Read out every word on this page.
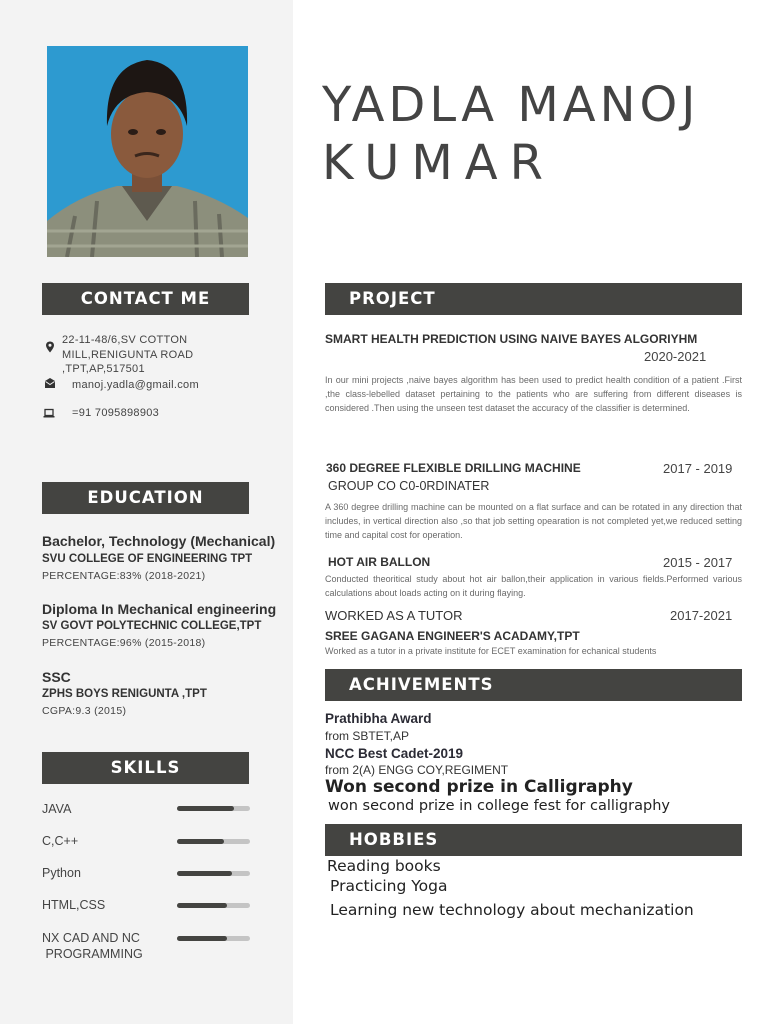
YADLA MANOJ
KUMAR
CONTACT ME
22-11-48/6,SV COTTON MILL,RENIGUNTA ROAD ,TPT,AP,517501
manoj.yadla@gmail.com
=91 7095898903
EDUCATION
Bachelor, Technology (Mechanical)
SVU COLLEGE OF ENGINEERING TPT
PERCENTAGE:83% (2018-2021)
Diploma In Mechanical engineering
SV GOVT POLYTECHNIC COLLEGE,TPT
PERCENTAGE:96% (2015-2018)
SSC
ZPHS BOYS RENIGUNTA ,TPT
CGPA:9.3 (2015)
SKILLS
JAVA
C,C++
Python
HTML,CSS
NX CAD AND NC
PROGRAMMING
PROJECT
SMART HEALTH PREDICTION USING NAIVE BAYES ALGORIYHM
2020-2021
In our mini projects ,naive bayes algorithm has been used to predict health condition of a patient .First ,the class-lebelled dataset pertaining to the patients who are suffering from different diseases is considered .Then using the unseen test dataset the accuracy of the classifier is determined.
360 DEGREE FLEXIBLE DRILLING MACHINE	2017 - 2019
GROUP CO C0-0RDINATER
A 360 degree drilling machine can be mounted on a flat surface and can be rotated in any direction that includes, in vertical direction also ,so that job setting opearation is not completed yet,we reduced setting time and capital cost for operation.
HOT AIR BALLON	2015 - 2017
Conducted theoritical study about hot air ballon,their application in various fields.Performed various calculations about loads acting on it during flaying.
WORKED AS A TUTOR	2017-2021
SREE GAGANA ENGINEER'S ACADAMY,TPT
Worked as a tutor in a private institute for ECET examination for echanical students
ACHIVEMENTS
Prathibha Award
from SBTET,AP
NCC Best Cadet-2019
from 2(A) ENGG COY,REGIMENT
Won second prize in Calligraphy
won second prize in college fest for calligraphy
HOBBIES
Reading books
Practicing Yoga
Learning new technology about mechanization
